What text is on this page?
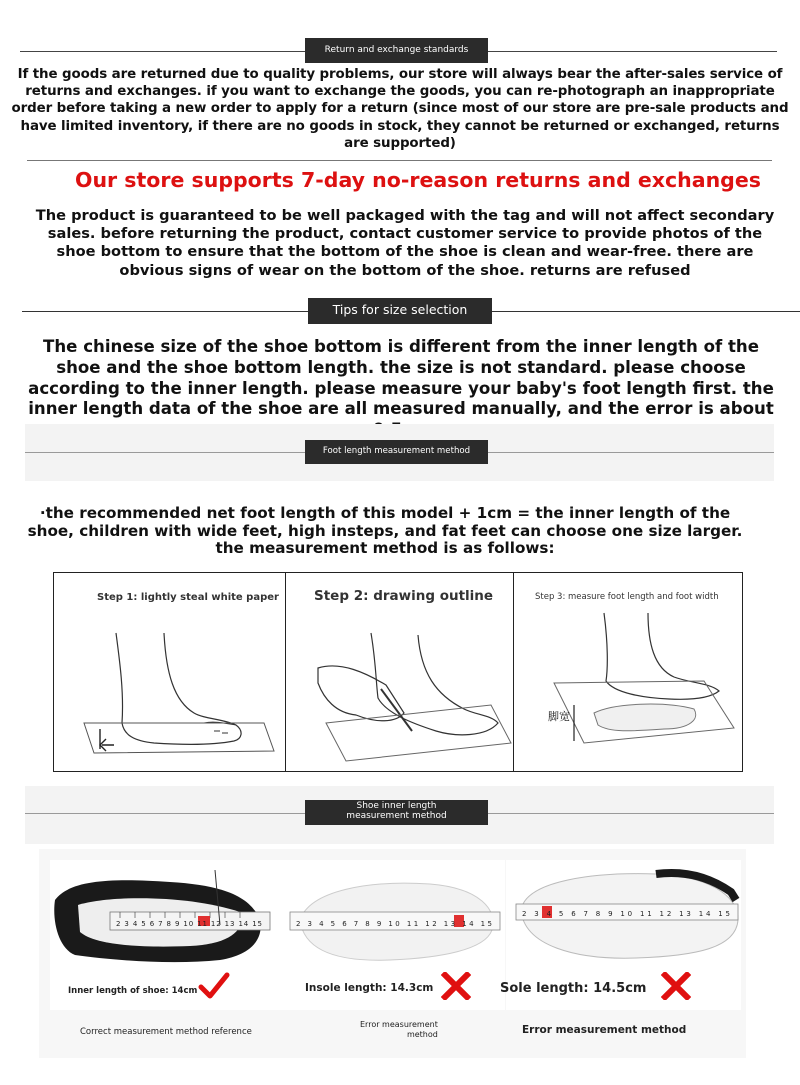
Return and exchange standards
If the goods are returned due to quality problems, our store will always bear the after-sales service of returns and exchanges. if you want to exchange the goods, you can re-photograph an inappropriate order before taking a new order to apply for a return (since most of our store are pre-sale products and have limited inventory, if there are no goods in stock, they cannot be returned or exchanged, returns are supported)
Our store supports 7-day no-reason returns and exchanges
The product is guaranteed to be well packaged with the tag and will not affect secondary sales. before returning the product, contact customer service to provide photos of the shoe bottom to ensure that the bottom of the shoe is clean and wear-free. there are obvious signs of wear on the bottom of the shoe. returns are refused
Tips for size selection
The chinese size of the shoe bottom is different from the inner length of the shoe and the shoe bottom length. the size is not standard. please choose according to the inner length. please measure your baby's foot length first. the inner length data of the shoe are all measured manually, and the error is about
Foot length measurement method
·the recommended net foot length of this model + 1cm = the inner length of the shoe, children with wide feet, high insteps, and fat feet can choose one size larger. the measurement method is as follows:
Step 1: lightly steal white paper	Step 2: drawing outline	Step 3: measure foot length and foot width
脚宽
Shoe inner length
measurement method
2 3 4 5 6 7 8 9 10 11 12 13 14 15
Inner length of shoe: 14cm
Correct measurement method reference
2 3 4 5 6 7 8 9 10 11 12 13 14 15
Insole length: 14.3cm
Error measurement
method
2 3 4 5 6 7 8 9 10 11 12 13 14 15
Sole length: 14.5cm
Error measurement method
